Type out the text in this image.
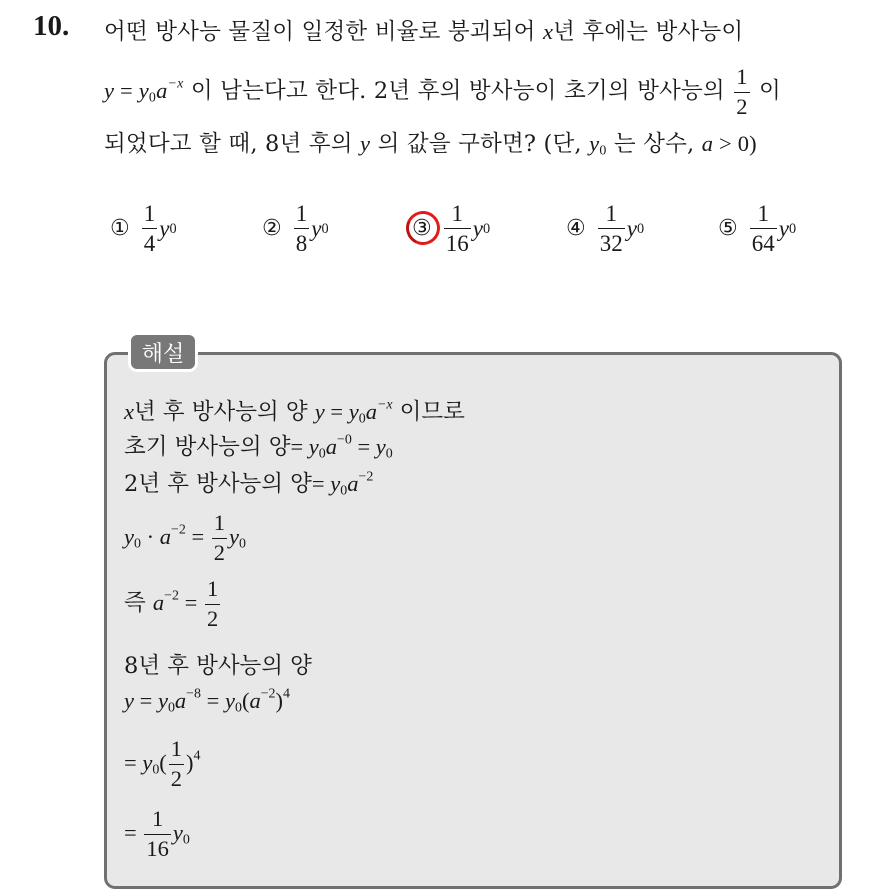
10. 어떤 방사능 물질이 일정한 비율로 붕괴되어 x년 후에는 방사능이
$y = y_0a^{-x}$ 이 남는다고 한다. 2년 후의 방사능이 초기의 방사능의 $\frac{1}{2}$ 이
되었다고 할 때, 8년 후의 y 의 값을 구하면? (단, $y_0$ 는 상수, a > 0)
① $\frac{1}{4}$ y 0	② $\frac{1}{8}$ y 0	③ $\frac{1}{16}$ y 0	④ $\frac{1}{32}$ y 0	⑤ $\frac{1}{64}$ y 0
해설
x년 후 방사능의 양 $y = y_0a^{-x}$ 이므로
초기 방사능의 양= $y_0a^{-0} = y_0$
2년 후 방사능의 양= $y_0a^{-2}$
$y_0 \cdot a^{-2} = \frac{1}{2} y_0$
즉 $a^{-2} = \frac{1}{2}$
8년 후 방사능의 양
$y = y_0a^{-8} = y_0(a^{-2})^4$
= $y_0( \frac{1}{2} )^4$
= $\frac{1}{16} y_0$
